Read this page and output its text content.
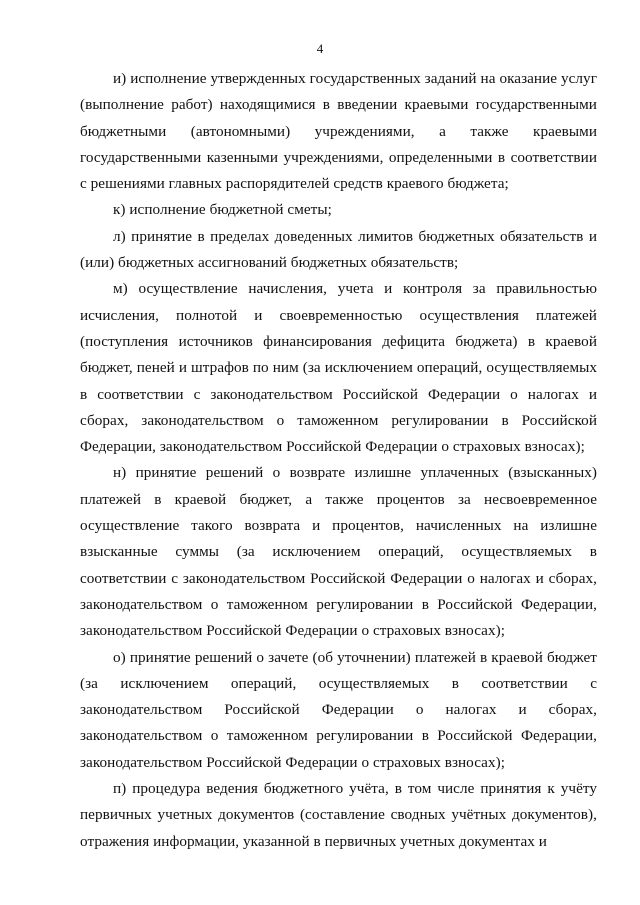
4

и) исполнение утвержденных государственных заданий на оказание услуг (выполнение работ) находящимися в введении краевыми государственными бюджетными (автономными) учреждениями, а также краевыми государственными казенными учреждениями, определенными в соответствии с решениями главных распорядителей средств краевого бюджета;

к) исполнение бюджетной сметы;

л) принятие в пределах доведенных лимитов бюджетных обязательств и (или) бюджетных ассигнований бюджетных обязательств;

м) осуществление начисления, учета и контроля за правильностью исчисления, полнотой и своевременностью осуществления платежей (поступления источников финансирования дефицита бюджета) в краевой бюджет, пеней и штрафов по ним (за исключением операций, осуществляемых в соответствии с законодательством Российской Федерации о налогах и сборах, законодательством о таможенном регулировании в Российской Федерации, законодательством Российской Федерации о страховых взносах);

н) принятие решений о возврате излишне уплаченных (взысканных) платежей в краевой бюджет, а также процентов за несвоевременное осуществление такого возврата и процентов, начисленных на излишне взысканные суммы (за исключением операций, осуществляемых в соответствии с законодательством Российской Федерации о налогах и сборах, законодательством о таможенном регулировании в Российской Федерации, законодательством Российской Федерации о страховых взносах);

о) принятие решений о зачете (об уточнении) платежей в краевой бюджет (за исключением операций, осуществляемых в соответствии с законодательством Российской Федерации о налогах и сборах, законодательством о таможенном регулировании в Российской Федерации, законодательством Российской Федерации о страховых взносах);

п) процедура ведения бюджетного учёта, в том числе принятия к учёту первичных учетных документов (составление сводных учётных документов), отражения информации, указанной в первичных учетных документах и
